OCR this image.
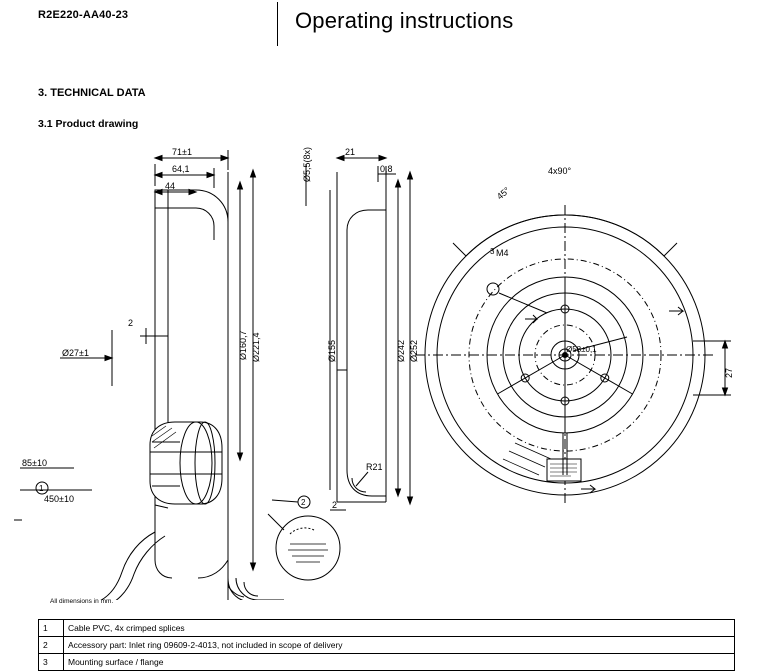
R2E220-AA40-23	Operating instructions
3. TECHNICAL DATA
3.1 Product drawing
71±1
64,1
44
2
Ø27±1
85±10
450±10
Ø160,7 Ø221,4
Ø5,5(8x)	21
0,8
Ø155	Ø242 Ø252
R21
2
4x90°
45°
M4
Ø58±0,1
27
1
2
3
All dimensions in mm.
1	Cable PVC, 4x crimped splices
2	Accessory part: Inlet ring 09609-2-4013, not included in scope of delivery
3	Mounting surface / flange
